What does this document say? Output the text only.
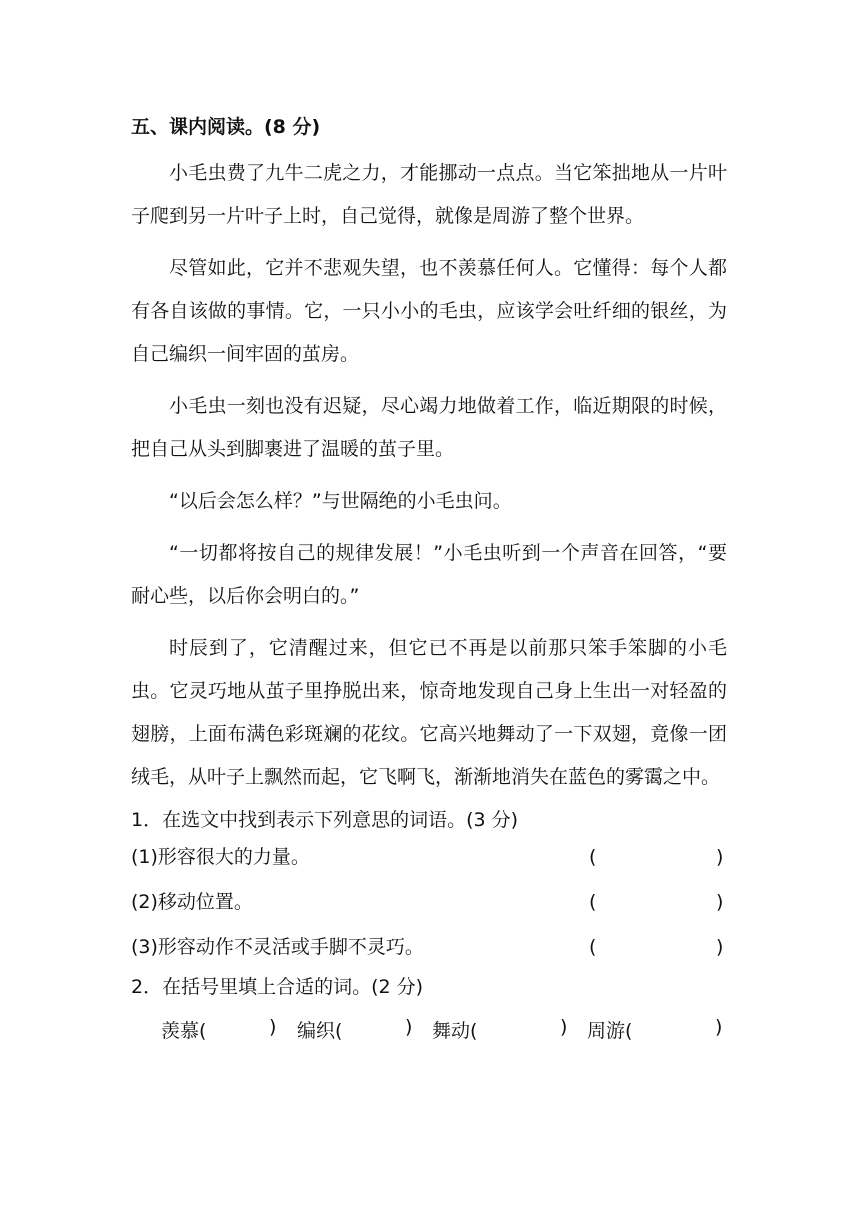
五、课内阅读。(8 分)

小毛虫费了九牛二虎之力，才能挪动一点点。当它笨拙地从一片叶子爬到另一片叶子上时，自己觉得，就像是周游了整个世界。

尽管如此，它并不悲观失望，也不羡慕任何人。它懂得：每个人都有各自该做的事情。它，一只小小的毛虫，应该学会吐纤细的银丝，为自己编织一间牢固的茧房。

小毛虫一刻也没有迟疑，尽心竭力地做着工作，临近期限的时候，把自己从头到脚裹进了温暖的茧子里。

“以后会怎么样？”与世隔绝的小毛虫问。

“一切都将按自己的规律发展！”小毛虫听到一个声音在回答，“要耐心些，以后你会明白的。”

时辰到了，它清醒过来，但它已不再是以前那只笨手笨脚的小毛虫。它灵巧地从茧子里挣脱出来，惊奇地发现自己身上生出一对轻盈的翅膀，上面布满色彩斑斓的花纹。它高兴地舞动了一下双翅，竟像一团绒毛，从叶子上飘然而起，它飞啊飞，渐渐地消失在蓝色的雾霭之中。

1．在选文中找到表示下列意思的词语。(3 分)
(1)形容很大的力量。	(	)
(2)移动位置。	(	)
(3)形容动作不灵活或手脚不灵巧。	(	)
2．在括号里填上合适的词。(2 分)
羡慕(	) 编织(	) 舞动(	) 周游(	)
